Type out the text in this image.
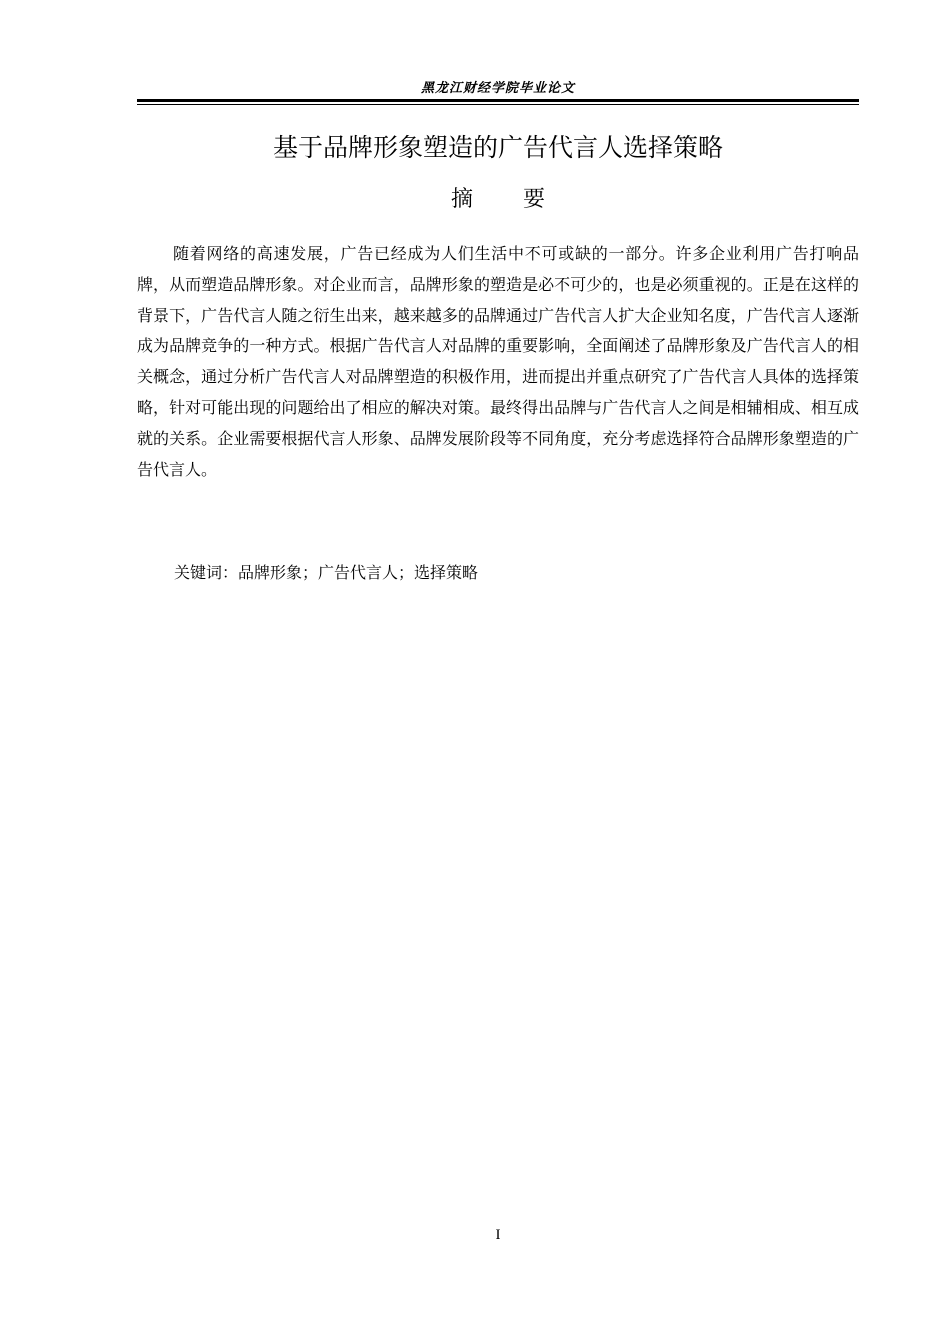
黑龙江财经学院毕业论文
基于品牌形象塑造的广告代言人选择策略
摘要

随着网络的高速发展，广告已经成为人们生活中不可或缺的一部分。许多企业利用广告打响品牌，从而塑造品牌形象。对企业而言，品牌形象的塑造是必不可少的，也是必须重视的。正是在这样的背景下，广告代言人随之衍生出来，越来越多的品牌通过广告代言人扩大企业知名度，广告代言人逐渐成为品牌竞争的一种方式。根据广告代言人对品牌的重要影响，全面阐述了品牌形象及广告代言人的相关概念，通过分析广告代言人对品牌塑造的积极作用，进而提出并重点研究了广告代言人具体的选择策略，针对可能出现的问题给出了相应的解决对策。最终得出品牌与广告代言人之间是相辅相成、相互成就的关系。企业需要根据代言人形象、品牌发展阶段等不同角度，充分考虑选择符合品牌形象塑造的广告代言人。

关键词：品牌形象；广告代言人；选择策略
I
